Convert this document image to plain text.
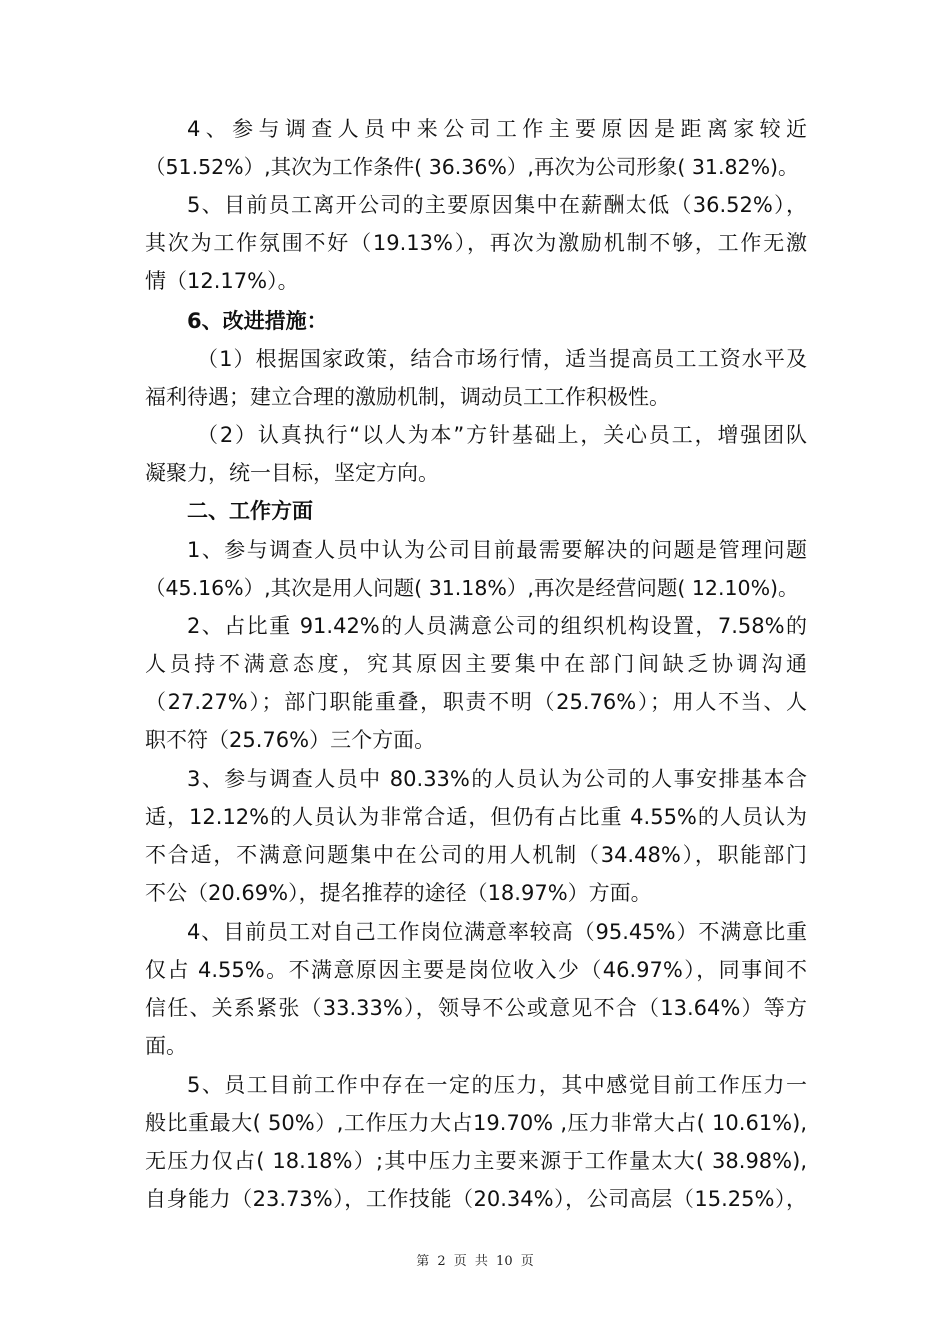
4、参与调查人员中来公司工作主要原因是距离家较近
（51.52%）,其次为工作条件( 36.36%）,再次为公司形象( 31.82%)。
5、目前员工离开公司的主要原因集中在薪酬太低（36.52%），
其次为工作氛围不好（19.13%），再次为激励机制不够，工作无激
情（12.17%）。
6、改进措施：
（1）根据国家政策，结合市场行情，适当提高员工工资水平及
福利待遇；建立合理的激励机制，调动员工工作积极性。
（2）认真执行“以人为本”方针基础上，关心员工，增强团队
凝聚力，统一目标，坚定方向。
二、工作方面
1、参与调查人员中认为公司目前最需要解决的问题是管理问题
（45.16%）,其次是用人问题( 31.18%）,再次是经营问题( 12.10%)。
2、占比重 91.42%的人员满意公司的组织机构设置，7.58%的
人员持不满意态度，究其原因主要集中在部门间缺乏协调沟通
（27.27%）；部门职能重叠，职责不明（25.76%）；用人不当、人
职不符（25.76%）三个方面。
3、参与调查人员中 80.33%的人员认为公司的人事安排基本合
适，12.12%的人员认为非常合适，但仍有占比重 4.55%的人员认为
不合适，不满意问题集中在公司的用人机制（34.48%），职能部门
不公（20.69%），提名推荐的途径（18.97%）方面。
4、目前员工对自己工作岗位满意率较高（95.45%）不满意比重
仅占 4.55%。不满意原因主要是岗位收入少（46.97%），同事间不
信任、关系紧张（33.33%），领导不公或意见不合（13.64%）等方
面。
5、员工目前工作中存在一定的压力，其中感觉目前工作压力一
般比重最大( 50%）,工作压力大占19.70% ,压力非常大占( 10.61%),
无压力仅占( 18.18%）;其中压力主要来源于工作量太大( 38.98%),
自身能力（23.73%），工作技能（20.34%），公司高层（15.25%），
第 2 页 共 10 页
